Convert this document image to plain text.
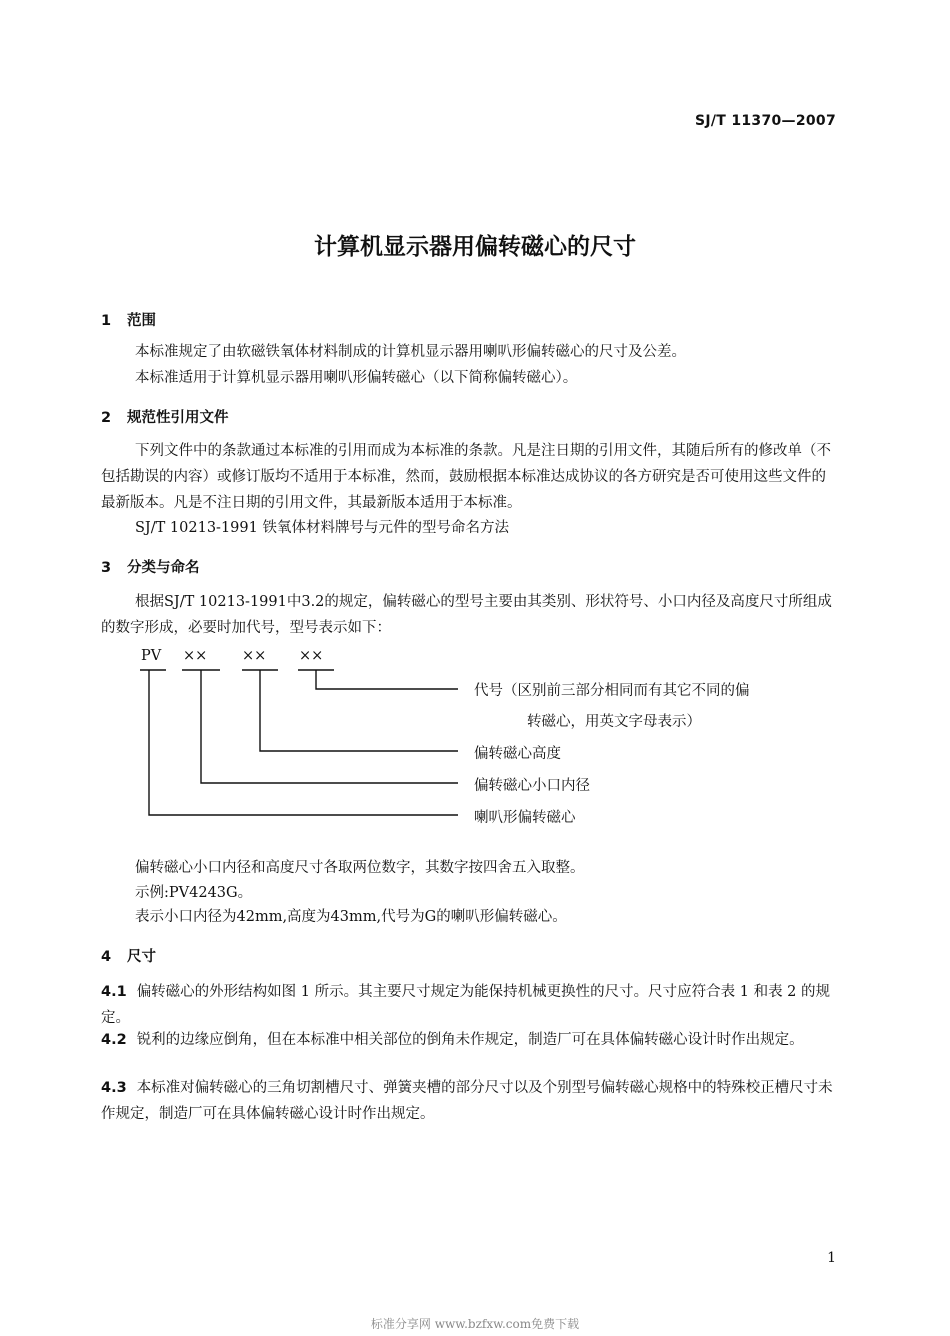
SJ/T 11370—2007
计算机显示器用偏转磁心的尺寸
1 范围
本标准规定了由软磁铁氧体材料制成的计算机显示器用喇叭形偏转磁心的尺寸及公差。
本标准适用于计算机显示器用喇叭形偏转磁心（以下简称偏转磁心）。
2 规范性引用文件
下列文件中的条款通过本标准的引用而成为本标准的条款。凡是注日期的引用文件，其随后所有的修改单（不包括勘误的内容）或修订版均不适用于本标准，然而，鼓励根据本标准达成协议的各方研究是否可使用这些文件的最新版本。凡是不注日期的引用文件，其最新版本适用于本标准。
SJ/T 10213-1991 铁氧体材料牌号与元件的型号命名方法
3 分类与命名
根据SJ/T 10213-1991中3.2的规定，偏转磁心的型号主要由其类别、形状符号、小口内径及高度尺寸所组成的数字形成，必要时加代号，型号表示如下：
PV ×× ×× ××
代号（区别前三部分相同而有其它不同的偏
转磁心，用英文字母表示）
偏转磁心高度
偏转磁心小口内径
喇叭形偏转磁心
偏转磁心小口内径和高度尺寸各取两位数字，其数字按四舍五入取整。
示例:PV4243G。
表示小口内径为42mm,高度为43mm,代号为G的喇叭形偏转磁心。
4 尺寸
4.1 偏转磁心的外形结构如图 1 所示。其主要尺寸规定为能保持机械更换性的尺寸。尺寸应符合表 1 和表 2 的规定。
4.2 锐利的边缘应倒角，但在本标准中相关部位的倒角未作规定，制造厂可在具体偏转磁心设计时作出规定。
4.3 本标准对偏转磁心的三角切割槽尺寸、弹簧夹槽的部分尺寸以及个别型号偏转磁心规格中的特殊校正槽尺寸未作规定，制造厂可在具体偏转磁心设计时作出规定。
1
标准分享网 www.bzfxw.com免费下载
